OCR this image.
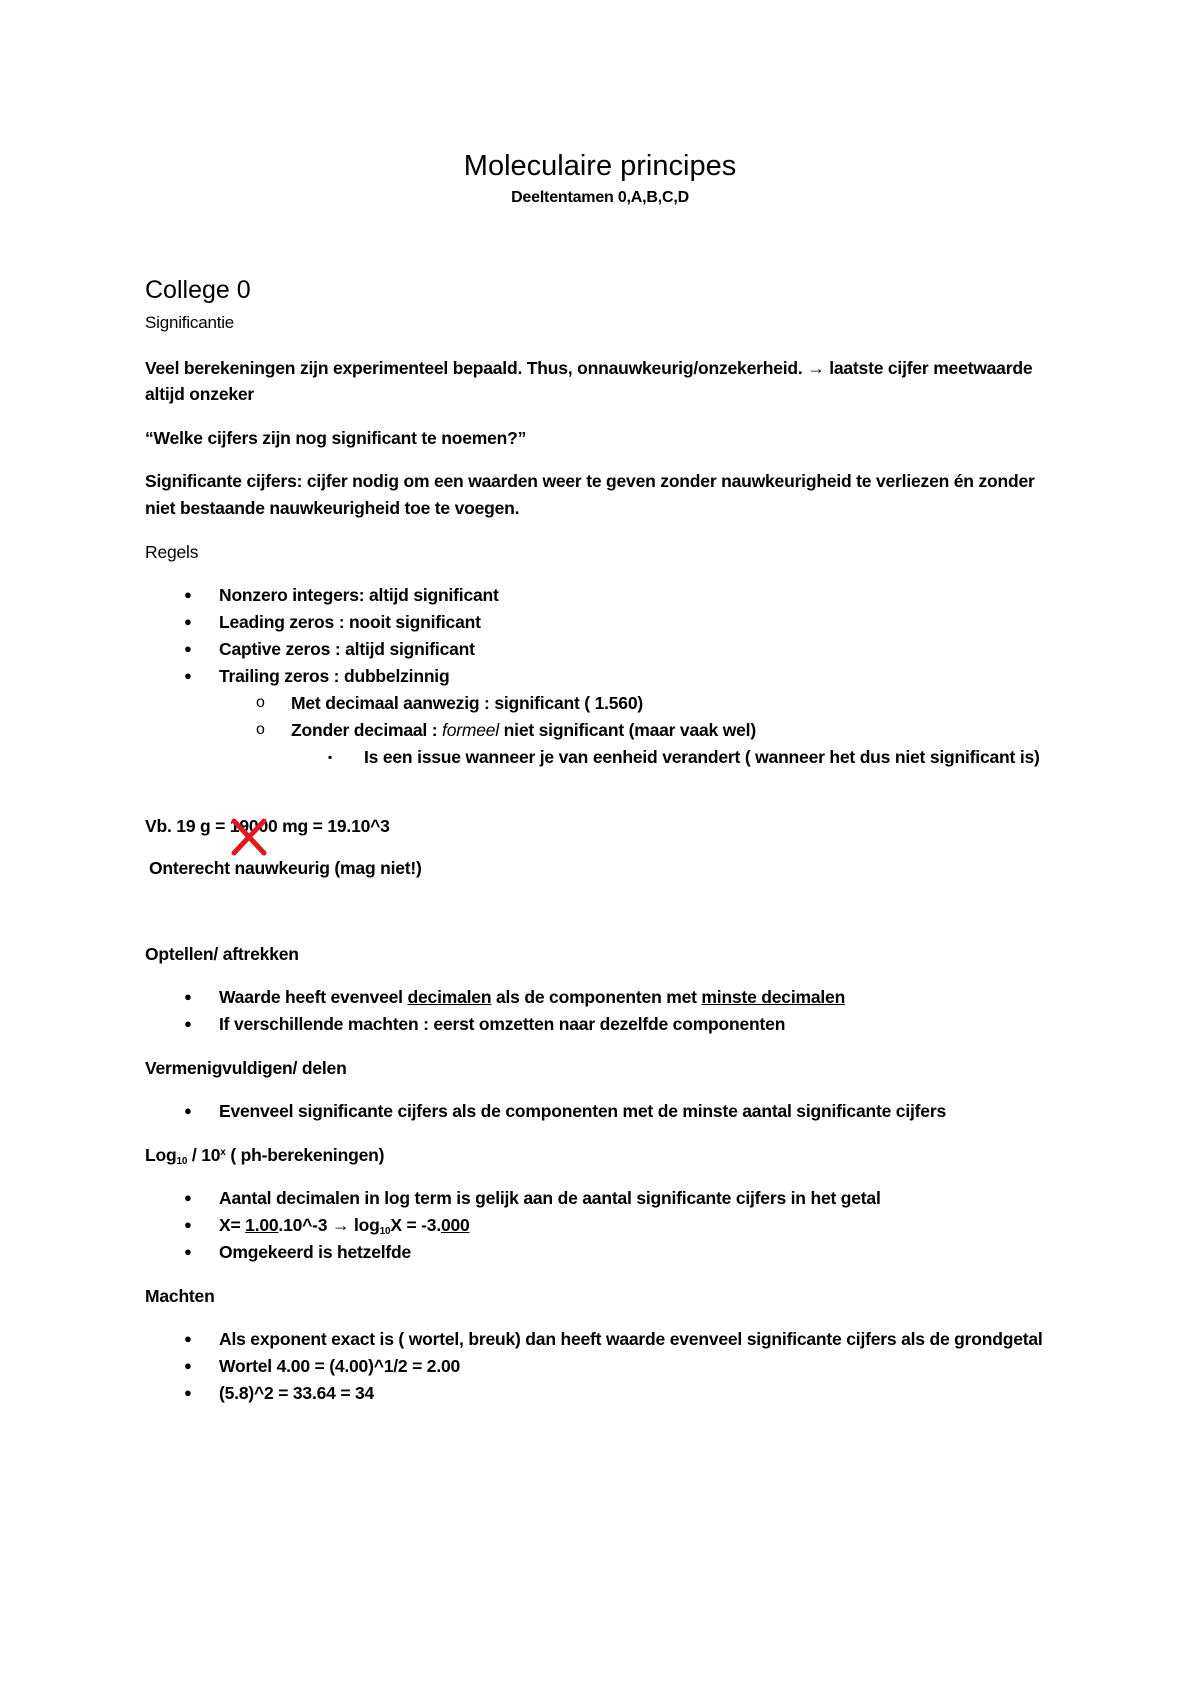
Moleculaire principes
Deeltentamen 0,A,B,C,D
College 0
Significantie
Veel berekeningen zijn experimenteel bepaald. Thus, onnauwkeurig/onzekerheid. → laatste cijfer meetwaarde
altijd onzeker
“Welke cijfers zijn nog significant te noemen?”
Significante cijfers: cijfer nodig om een waarden weer te geven zonder nauwkeurigheid te verliezen én zonder
niet bestaande nauwkeurigheid toe te voegen.
Regels
● Nonzero integers: altijd significant
● Leading zeros : nooit significant
● Captive zeros : altijd significant
● Trailing zeros : dubbelzinnig
o Met decimaal aanwezig : significant ( 1.560)
o Zonder decimaal : formeel niet significant (maar vaak wel)
▪ Is een issue wanneer je van eenheid verandert ( wanneer het dus niet significant is)
Vb. 19 g = 19000 mg = 19.10^3
Onterecht nauwkeurig (mag niet!)
Optellen/ aftrekken
● Waarde heeft evenveel decimalen als de componenten met minste decimalen
● If verschillende machten : eerst omzetten naar dezelfde componenten
Vermenigvuldigen/ delen
● Evenveel significante cijfers als de componenten met de minste aantal significante cijfers
Log$_{10}$ / 10$^x$ ( ph-berekeningen)
● Aantal decimalen in log term is gelijk aan de aantal significante cijfers in het getal
● X= 1.00.10^-3 → $\log_{10}X = -3.000$
● Omgekeerd is hetzelfde
Machten
● Als exponent exact is ( wortel, breuk) dan heeft waarde evenveel significante cijfers als de grondgetal
● Wortel 4.00 = (4.00)^1/2 = 2.00
● (5.8)^2 = 33.64 = 34
